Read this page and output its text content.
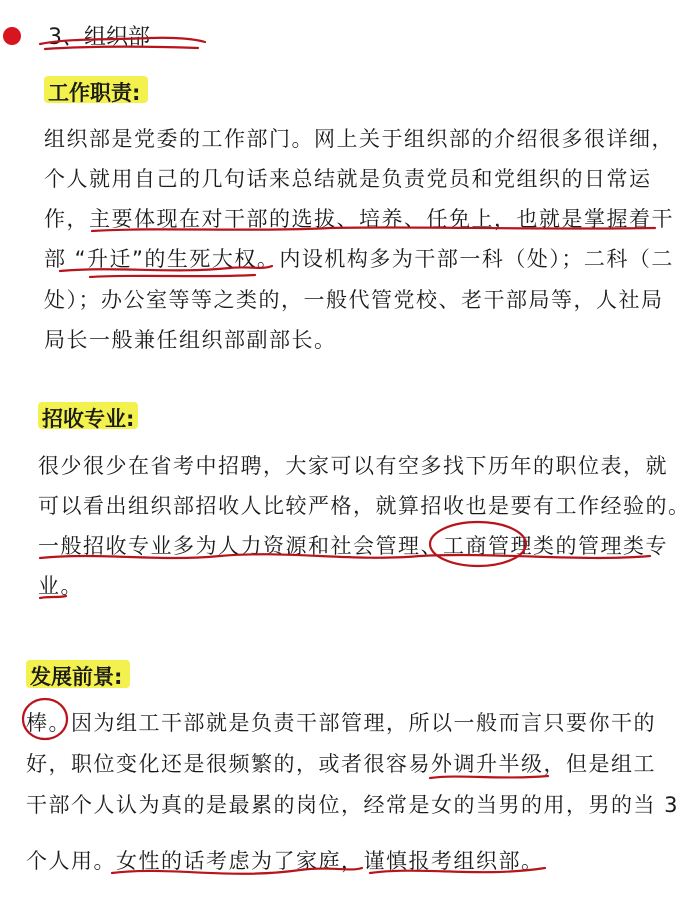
3、组织部
工作职责:
组织部是党委的工作部门。网上关于组织部的介绍很多很详细，
个人就用自己的几句话来总结就是负责党员和党组织的日常运
作，主要体现在对干部的选拔、培养、任免上，也就是掌握着干
部 “升迁”的生死大权。内设机构多为干部一科（处）；二科（二
处）；办公室等等之类的，一般代管党校、老干部局等，人社局
局长一般兼任组织部副部长。
招收专业:
很少很少在省考中招聘，大家可以有空多找下历年的职位表，就
可以看出组织部招收人比较严格，就算招收也是要有工作经验的。
一般招收专业多为人力资源和社会管理、工商管理类的管理类专
业。
发展前景:
棒。因为组工干部就是负责干部管理，所以一般而言只要你干的
好，职位变化还是很频繁的，或者很容易外调升半级，但是组工
干部个人认为真的是最累的岗位，经常是女的当男的用，男的当 3
个人用。女性的话考虑为了家庭，谨慎报考组织部。
